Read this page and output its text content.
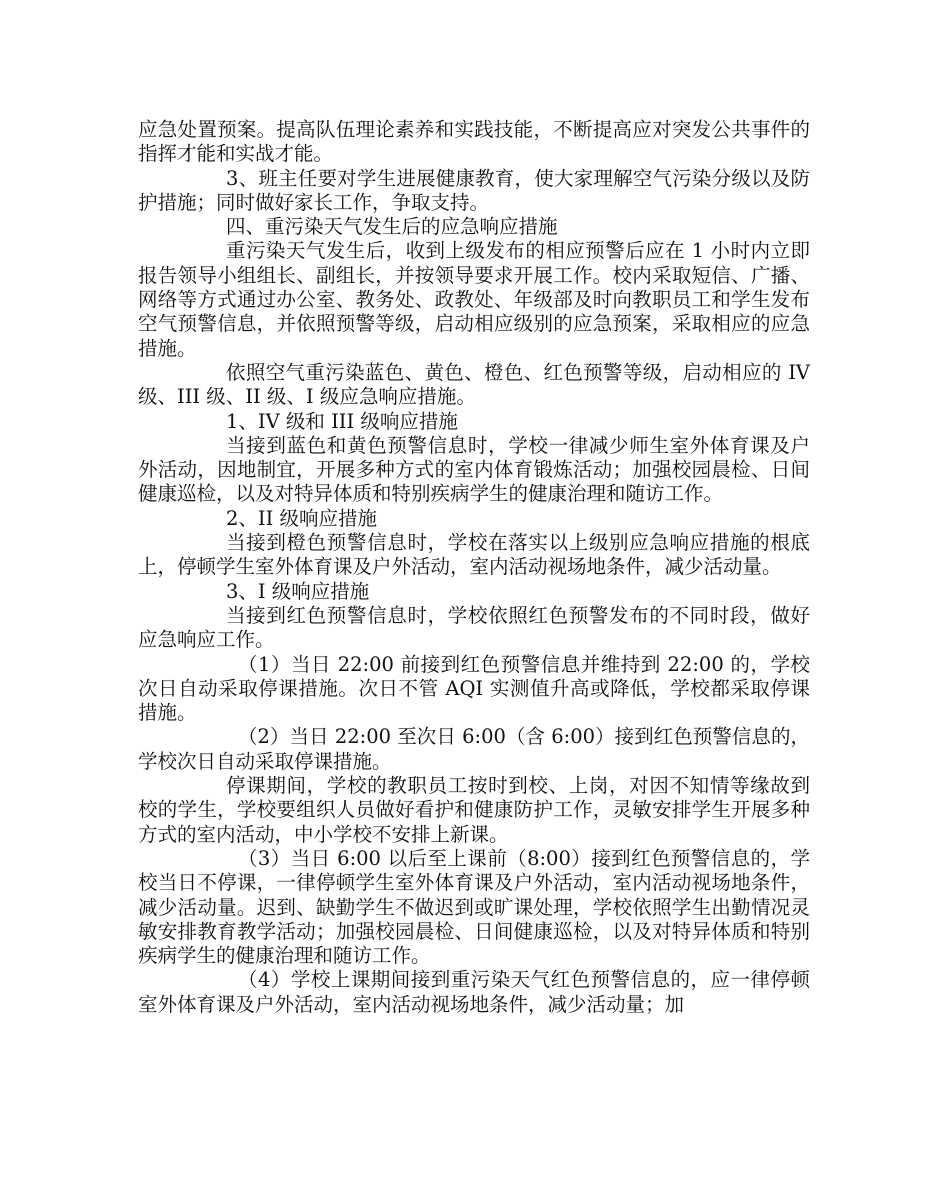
应急处置预案。提高队伍理论素养和实践技能，不断提高应对突发公共事件的指挥才能和实战才能。

3、班主任要对学生进展健康教育，使大家理解空气污染分级以及防护措施；同时做好家长工作，争取支持。

四、重污染天气发生后的应急响应措施

重污染天气发生后，收到上级发布的相应预警后应在 1 小时内立即报告领导小组组长、副组长，并按领导要求开展工作。校内采取短信、广播、网络等方式通过办公室、教务处、政教处、年级部及时向教职员工和学生发布空气预警信息，并依照预警等级，启动相应级别的应急预案，采取相应的应急措施。

依照空气重污染蓝色、黄色、橙色、红色预警等级，启动相应的 IV 级、III 级、II 级、I 级应急响应措施。

1、IV 级和 III 级响应措施

当接到蓝色和黄色预警信息时，学校一律减少师生室外体育课及户外活动，因地制宜，开展多种方式的室内体育锻炼活动；加强校园晨检、日间健康巡检，以及对特异体质和特别疾病学生的健康治理和随访工作。

2、II 级响应措施

当接到橙色预警信息时，学校在落实以上级别应急响应措施的根底上，停顿学生室外体育课及户外活动，室内活动视场地条件，减少活动量。

3、I 级响应措施

当接到红色预警信息时，学校依照红色预警发布的不同时段，做好应急响应工作。

（1）当日 22:00 前接到红色预警信息并维持到 22:00 的，学校次日自动采取停课措施。次日不管 AQI 实测值升高或降低，学校都采取停课措施。

（2）当日 22:00 至次日 6:00（含 6:00）接到红色预警信息的，学校次日自动采取停课措施。

停课期间，学校的教职员工按时到校、上岗，对因不知情等缘故到校的学生，学校要组织人员做好看护和健康防护工作，灵敏安排学生开展多种方式的室内活动，中小学校不安排上新课。

（3）当日 6:00 以后至上课前（8:00）接到红色预警信息的，学校当日不停课，一律停顿学生室外体育课及户外活动，室内活动视场地条件，减少活动量。迟到、缺勤学生不做迟到或旷课处理，学校依照学生出勤情况灵敏安排教育教学活动；加强校园晨检、日间健康巡检，以及对特异体质和特别疾病学生的健康治理和随访工作。

（4）学校上课期间接到重污染天气红色预警信息的，应一律停顿室外体育课及户外活动，室内活动视场地条件，减少活动量；加
